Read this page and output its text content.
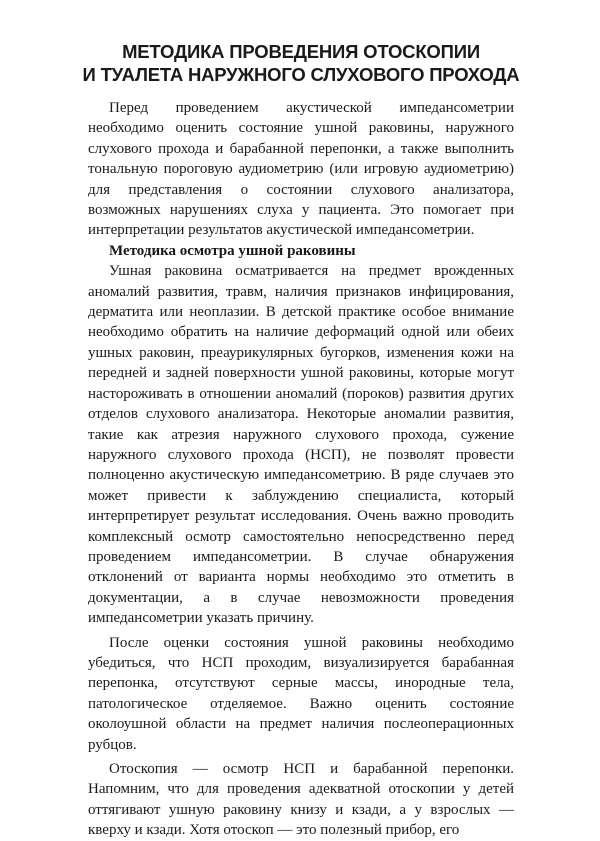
МЕТОДИКА ПРОВЕДЕНИЯ ОТОСКОПИИ
И ТУАЛЕТА НАРУЖНОГО СЛУХОВОГО ПРОХОДА

Перед проведением акустической импедансометрии необходимо оценить состояние ушной раковины, наружного слухового прохода и барабанной перепонки, а также выполнить тональную пороговую аудиометрию (или игровую аудиометрию) для представления о состоянии слухового анализатора, возможных нарушениях слуха у пациента. Это помогает при интерпретации результатов акустической импедансометрии.

Методика осмотра ушной раковины

Ушная раковина осматривается на предмет врожденных аномалий развития, травм, наличия признаков инфицирования, дерматита или неоплазии. В детской практике особое внимание необходимо обратить на наличие деформаций одной или обеих ушных раковин, преаурикулярных бугорков, изменения кожи на передней и задней поверхности ушной раковины, которые могут настороживать в отношении аномалий (пороков) развития других отделов слухового анализатора. Некоторые аномалии развития, такие как атрезия наружного слухового прохода, сужение наружного слухового прохода (НСП), не позволят провести полноценно акустическую импедансометрию. В ряде случаев это может привести к заблуждению специалиста, который интерпретирует результат исследования. Очень важно проводить комплексный осмотр самостоятельно непосредственно перед проведением импедансометрии. В случае обнаружения отклонений от варианта нормы необходимо это отметить в документации, а в случае невозможности проведения импедансометрии указать причину.

После оценки состояния ушной раковины необходимо убедиться, что НСП проходим, визуализируется барабанная перепонка, отсутствуют серные массы, инородные тела, патологическое отделяемое. Важно оценить состояние околоушной области на предмет наличия послеоперационных рубцов.

Отоскопия — осмотр НСП и барабанной перепонки. Напомним, что для проведения адекватной отоскопии у детей оттягивают ушную раковину книзу и кзади, а у взрослых — кверху и кзади. Хотя отоскоп — это полезный прибор, его
